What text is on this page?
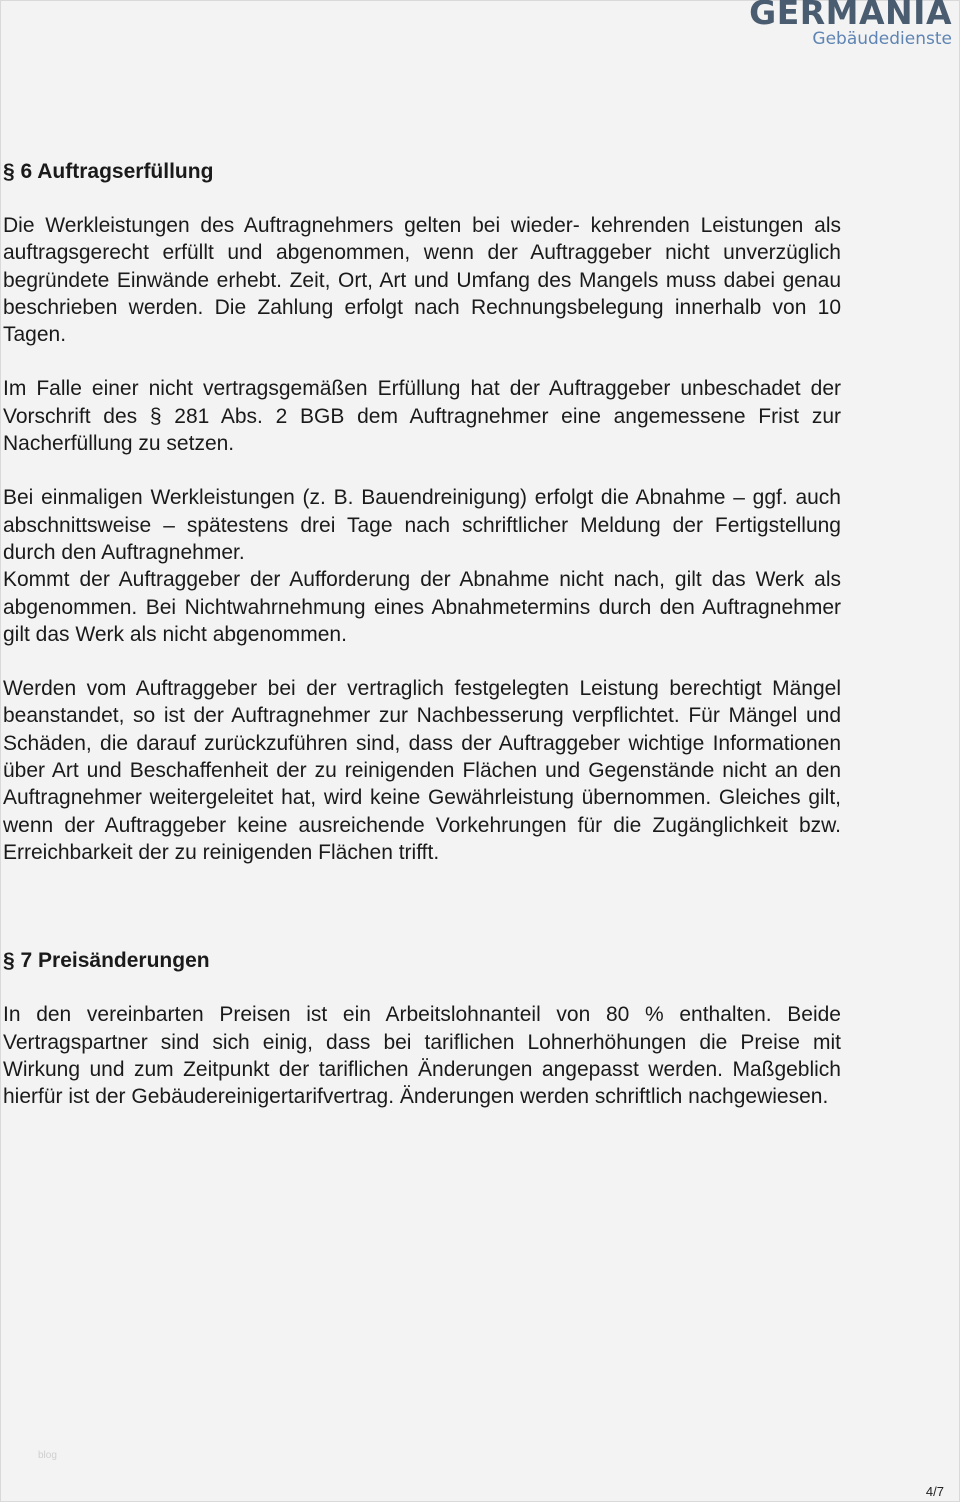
GERMANIA
Gebäudedienste
§ 6 Auftragserfüllung

Die Werkleistungen des Auftragnehmers gelten bei wieder- kehrenden Leistungen als auftragsgerecht erfüllt und abgenommen, wenn der Auftraggeber nicht unverzüglich begründete Einwände erhebt. Zeit, Ort, Art und Umfang des Mangels muss dabei genau beschrieben werden. Die Zahlung erfolgt nach Rechnungsbelegung innerhalb von 10 Tagen.

Im Falle einer nicht vertragsgemäßen Erfüllung hat der Auftraggeber unbeschadet der Vorschrift des § 281 Abs. 2 BGB dem Auftragnehmer eine angemessene Frist zur Nacherfüllung zu setzen.

Bei einmaligen Werkleistungen (z. B. Bauendreinigung) erfolgt die Abnahme – ggf. auch abschnittsweise – spätestens drei Tage nach schriftlicher Meldung der Fertigstellung durch den Auftragnehmer.

Kommt der Auftraggeber der Aufforderung der Abnahme nicht nach, gilt das Werk als abgenommen. Bei Nichtwahrnehmung eines Abnahmetermins durch den Auftragnehmer gilt das Werk als nicht abgenommen.

Werden vom Auftraggeber bei der vertraglich festgelegten Leistung berechtigt Mängel beanstandet, so ist der Auftragnehmer zur Nachbesserung verpflichtet. Für Mängel und Schäden, die darauf zurückzuführen sind, dass der Auftraggeber wichtige Informationen über Art und Beschaffenheit der zu reinigenden Flächen und Gegenstände nicht an den Auftragnehmer weitergeleitet hat, wird keine Gewährleistung übernommen. Gleiches gilt, wenn der Auftraggeber keine ausreichende Vorkehrungen für die Zugänglichkeit bzw. Erreichbarkeit der zu reinigenden Flächen trifft.

§ 7 Preisänderungen

In den vereinbarten Preisen ist ein Arbeitslohnanteil von 80 % enthalten. Beide Vertragspartner sind sich einig, dass bei tariflichen Lohnerhöhungen die Preise mit Wirkung und zum Zeitpunkt der tariflichen Änderungen angepasst werden. Maßgeblich hierfür ist der Gebäudereinigertarifvertrag. Änderungen werden schriftlich nachgewiesen.

blog
4/7
